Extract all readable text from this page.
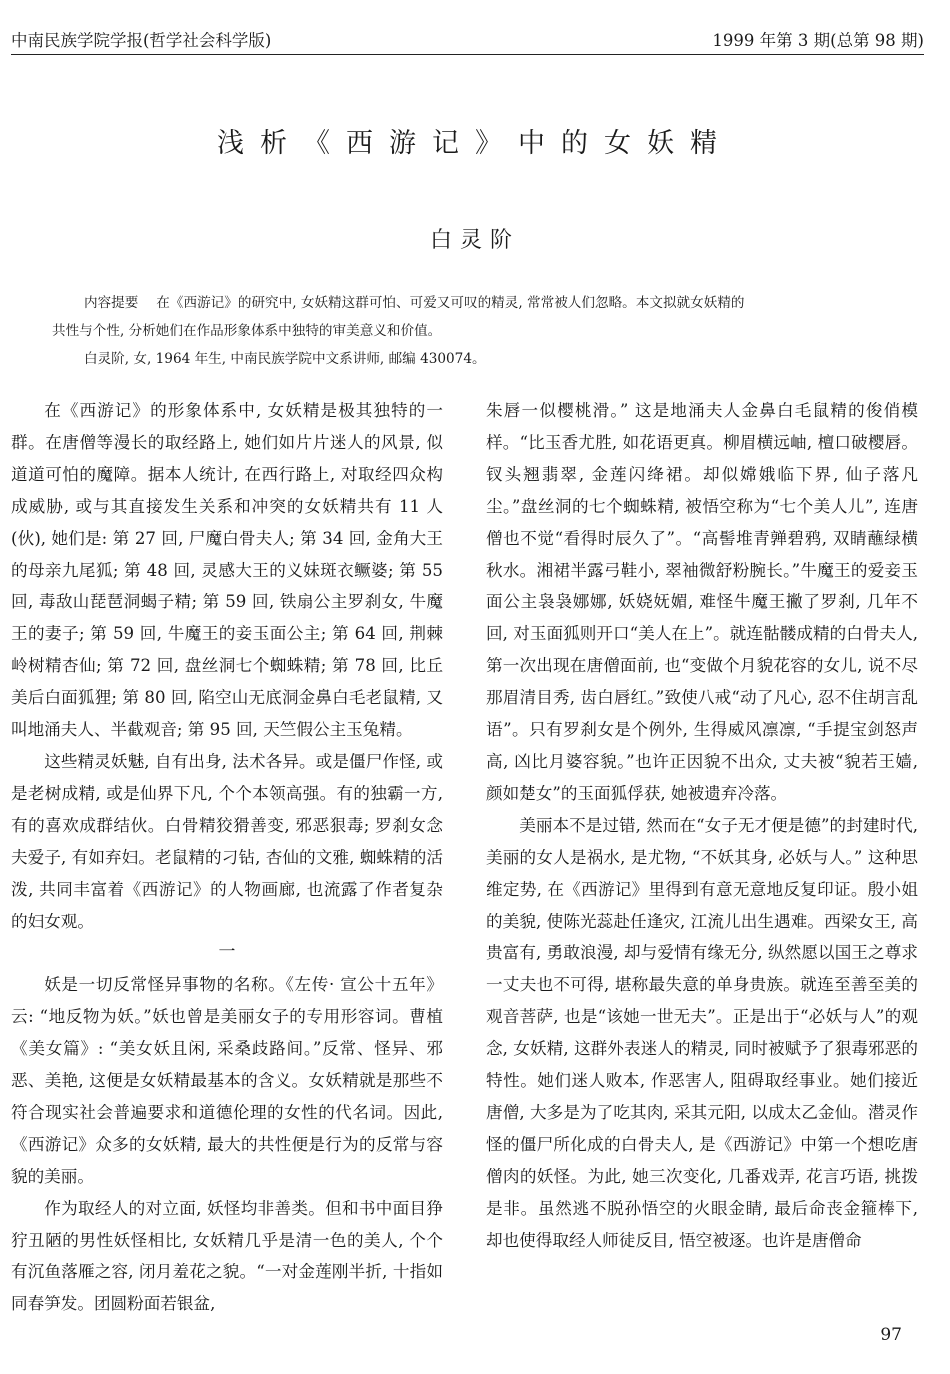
中南民族学院学报(哲学社会科学版)	1999 年第 3 期(总第 98 期)
浅析《西游记》中的女妖精
白灵阶

内容提要　 在《西游记》的研究中, 女妖精这群可怕、可爱又可叹的精灵, 常常被人们忽略。本文拟就女妖精的

共性与个性, 分析她们在作品形象体系中独特的审美意义和价值。

白灵阶, 女, 1964 年生, 中南民族学院中文系讲师, 邮编 430074。

在《西游记》的形象体系中, 女妖精是极其独特的一群。在唐僧等漫长的取经路上, 她们如片片迷人的风景, 似道道可怕的魔障。据本人统计, 在西行路上, 对取经四众构成威胁, 或与其直接发生关系和冲突的女妖精共有 11 人(伙), 她们是: 第 27 回, 尸魔白骨夫人; 第 34 回, 金角大王的母亲九尾狐; 第 48 回, 灵感大王的义妹斑衣鳜婆; 第 55 回, 毒敌山琵琶洞蝎子精; 第 59 回, 铁扇公主罗刹女, 牛魔王的妻子; 第 59 回, 牛魔王的妾玉面公主; 第 64 回, 荆棘岭树精杏仙; 第 72 回, 盘丝洞七个蜘蛛精; 第 78 回, 比丘美后白面狐狸; 第 80 回, 陷空山无底洞金鼻白毛老鼠精, 又叫地涌夫人、半截观音; 第 95 回, 天竺假公主玉兔精。

这些精灵妖魅, 自有出身, 法术各异。或是僵尸作怪, 或是老树成精, 或是仙界下凡, 个个本领高强。有的独霸一方, 有的喜欢成群结伙。白骨精狡猾善变, 邪恶狠毒; 罗刹女念夫爱子, 有如弃妇。老鼠精的刁钻, 杏仙的文雅, 蜘蛛精的活泼, 共同丰富着《西游记》的人物画廊, 也流露了作者复杂的妇女观。

一

妖是一切反常怪异事物的名称。《左传· 宣公十五年》云: “地反物为妖。”妖也曾是美丽女子的专用形容词。曹植《美女篇》: “美女妖且闲, 采桑歧路间。”反常、怪异、邪恶、美艳, 这便是女妖精最基本的含义。女妖精就是那些不符合现实社会普遍要求和道德伦理的女性的代名词。因此, 《西游记》众多的女妖精, 最大的共性便是行为的反常与容貌的美丽。

作为取经人的对立面, 妖怪均非善类。但和书中面目狰狞丑陋的男性妖怪相比, 女妖精几乎是清一色的美人, 个个有沉鱼落雁之容, 闭月羞花之貌。“一对金莲刚半折, 十指如同春笋发。团圆粉面若银盆,

朱唇一似樱桃滑。” 这是地涌夫人金鼻白毛鼠精的俊俏模样。“比玉香尤胜, 如花语更真。柳眉横远岫, 檀口破樱唇。钗头翘翡翠, 金莲闪绛裙。却似嫦娥临下界, 仙子落凡尘。”盘丝洞的七个蜘蛛精, 被悟空称为“七个美人儿”, 连唐僧也不觉“看得时辰久了”。“高髻堆青亸碧鸦, 双睛蘸绿横秋水。湘裙半露弓鞋小, 翠袖微舒粉腕长。”牛魔王的爱妾玉面公主袅袅娜娜, 妖娆妩媚, 难怪牛魔王撇了罗刹, 几年不回, 对玉面狐则开口“美人在上”。就连骷髅成精的白骨夫人, 第一次出现在唐僧面前, 也“变做个月貌花容的女儿, 说不尽那眉清目秀, 齿白唇红。”致使八戒“动了凡心, 忍不住胡言乱语”。只有罗刹女是个例外, 生得威风凛凛, “手提宝剑怒声高, 凶比月婆容貌。”也许正因貌不出众, 丈夫被“貌若王嫱, 颜如楚女”的玉面狐俘获, 她被遗弃冷落。

美丽本不是过错, 然而在“女子无才便是德”的封建时代, 美丽的女人是祸水, 是尤物, “不妖其身, 必妖与人。” 这种思维定势, 在《西游记》里得到有意无意地反复印证。殷小姐的美貌, 使陈光蕊赴任逢灾, 江流儿出生遇难。西梁女王, 高贵富有, 勇敢浪漫, 却与爱情有缘无分, 纵然愿以国王之尊求一丈夫也不可得, 堪称最失意的单身贵族。就连至善至美的观音菩萨, 也是“该她一世无夫”。正是出于“必妖与人”的观念, 女妖精, 这群外表迷人的精灵, 同时被赋予了狠毒邪恶的特性。她们迷人败本, 作恶害人, 阻碍取经事业。她们接近唐僧, 大多是为了吃其肉, 采其元阳, 以成太乙金仙。潜灵作怪的僵尸所化成的白骨夫人, 是《西游记》中第一个想吃唐僧肉的妖怪。为此, 她三次变化, 几番戏弄, 花言巧语, 挑拨是非。虽然逃不脱孙悟空的火眼金睛, 最后命丧金箍棒下, 却也使得取经人师徒反目, 悟空被逐。也许是唐僧命

97
